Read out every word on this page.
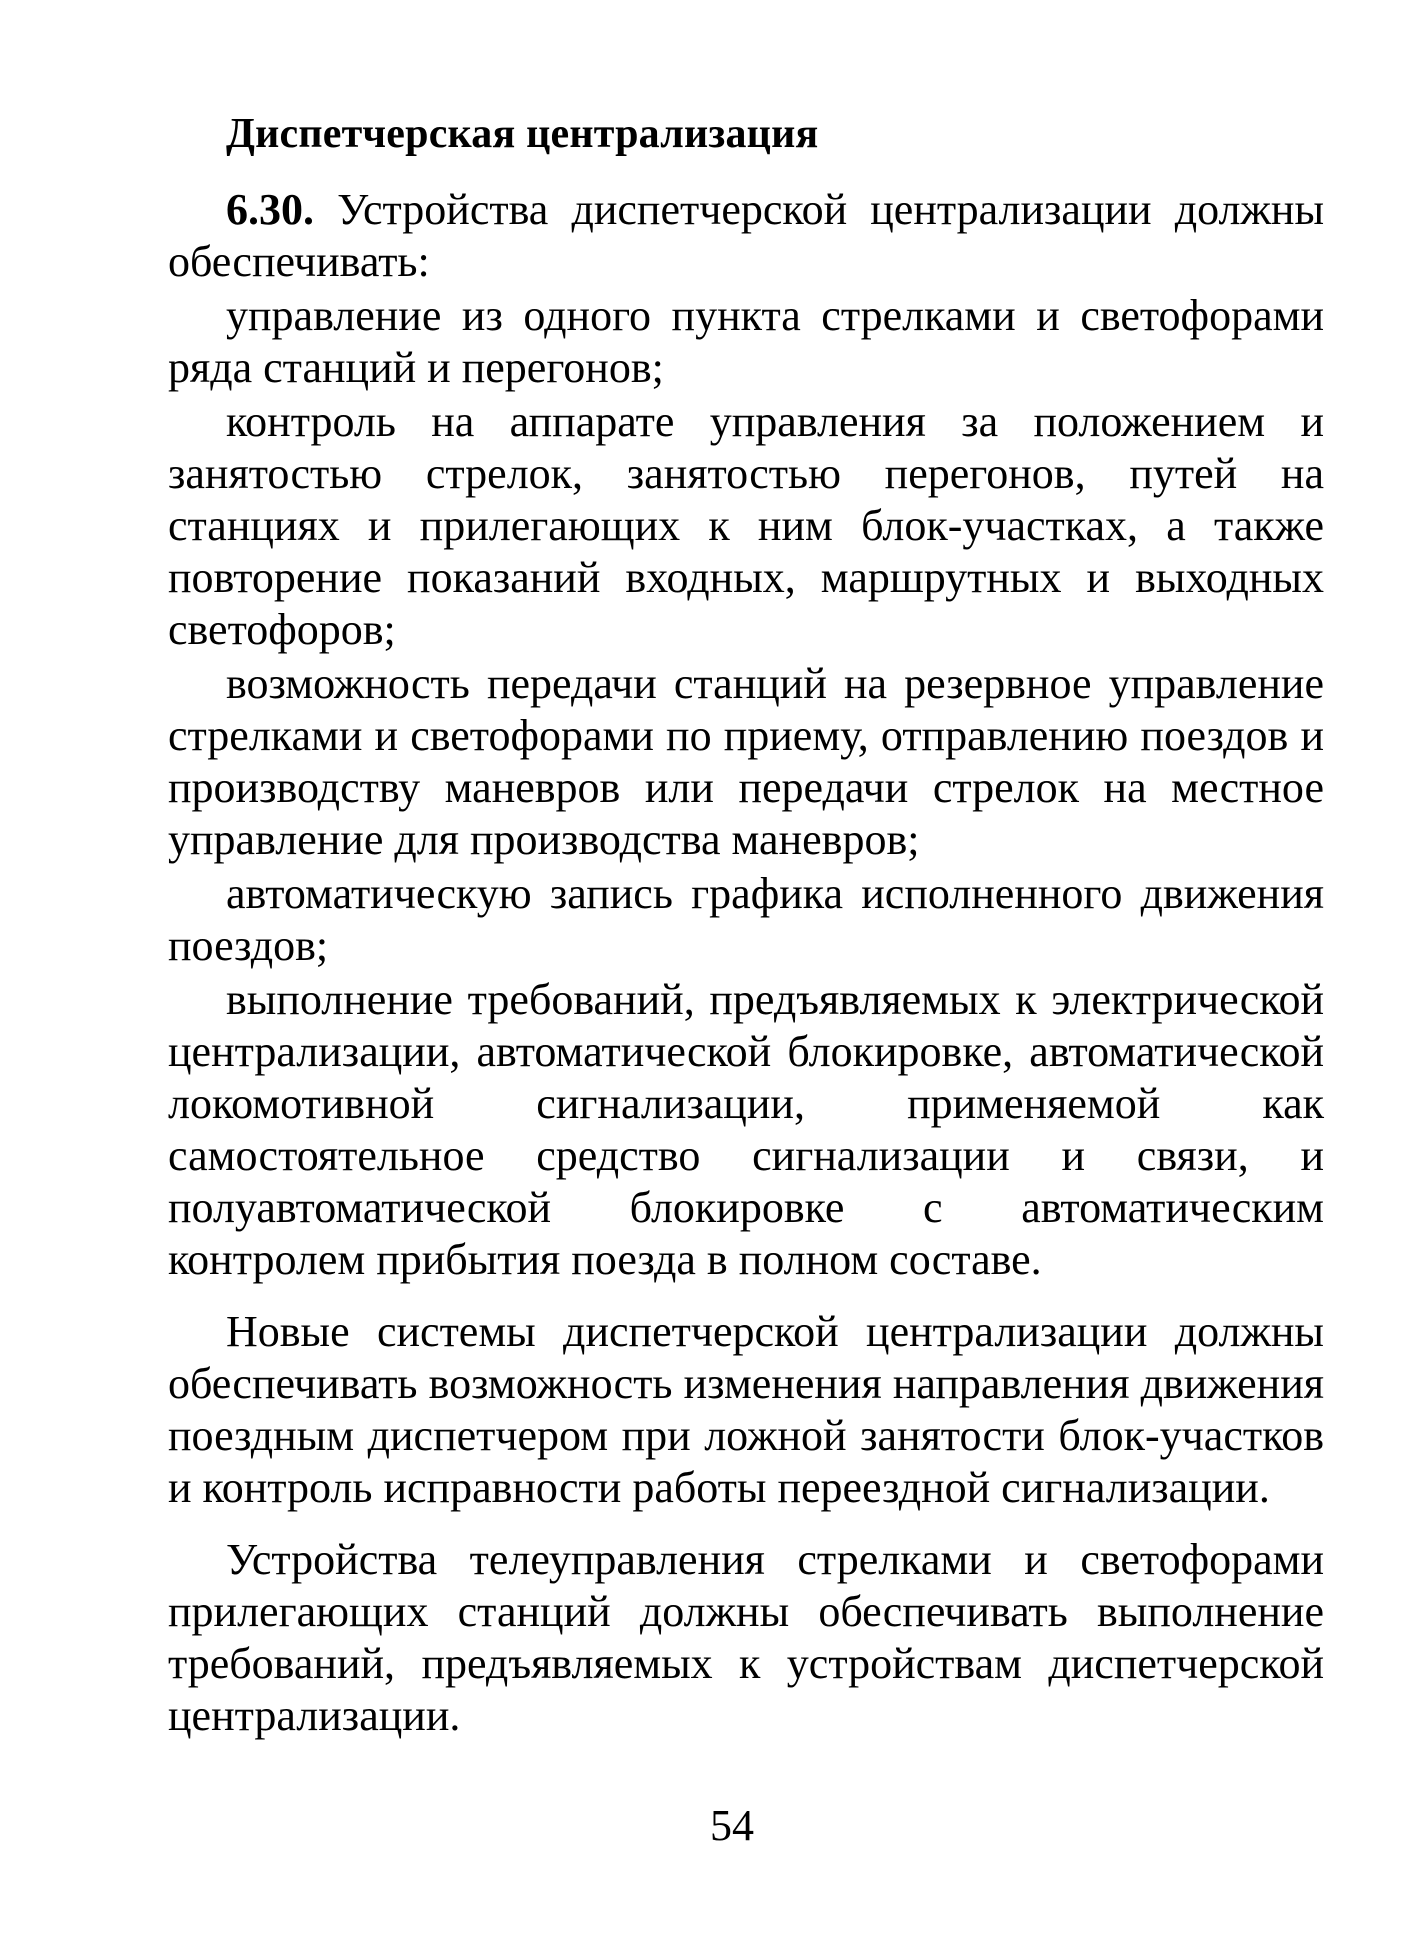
Диспетчерская централизация

6.30. Устройства диспетчерской централизации должны обеспечивать:

управление из одного пункта стрелками и светофорами ряда станций и перегонов;

контроль на аппарате управления за положением и занятостью стрелок, занятостью перегонов, путей на станциях и прилегающих к ним блок-участках, а также повторение показаний входных, маршрутных и выходных светофоров;

возможность передачи станций на резервное управление стрелками и светофорами по приему, отправлению поездов и производству маневров или передачи стрелок на местное управление для производства маневров;

автоматическую запись графика исполненного движения поездов;

выполнение требований, предъявляемых к электрической централизации, автоматической блокировке, автоматической локомотивной сигнализации, применяемой как самостоятельное средство сигнализации и связи, и полуавтоматической блокировке с автоматическим контролем прибытия поезда в полном составе.

Новые системы диспетчерской централизации должны обеспечивать возможность изменения направления движения поездным диспетчером при ложной занятости блок-участков и контроль исправности работы переездной сигнализации.

Устройства телеуправления стрелками и светофорами прилегающих станций должны обеспечивать выполнение требований, предъявляемых к устройствам диспетчерской централизации.

54
